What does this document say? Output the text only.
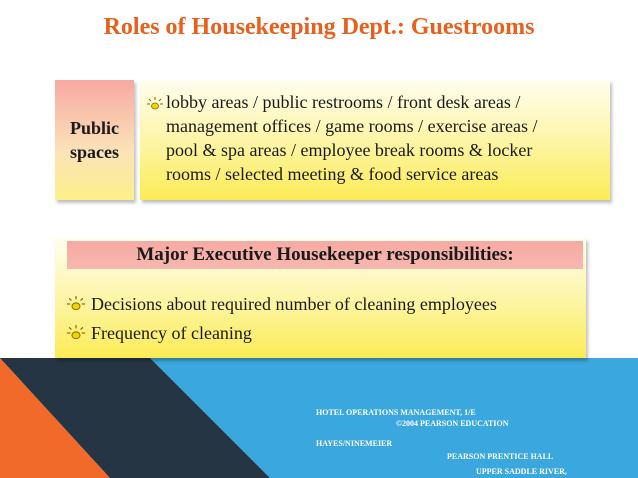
Roles of Housekeeping Dept.: Guestrooms
Public
spaces
lobby areas / public restrooms / front desk areas /
management offices / game rooms / exercise areas /
pool & spa areas / employee break rooms & locker
rooms / selected meeting & food service areas
Major Executive Housekeeper responsibilities:
Decisions about required number of cleaning employees
Frequency of cleaning
HOTEL OPERATIONS MANAGEMENT, 1/E
©2004 PEARSON EDUCATION
HAYES/NINEMEIER
PEARSON PRENTICE HALL
UPPER SADDLE RIVER,
